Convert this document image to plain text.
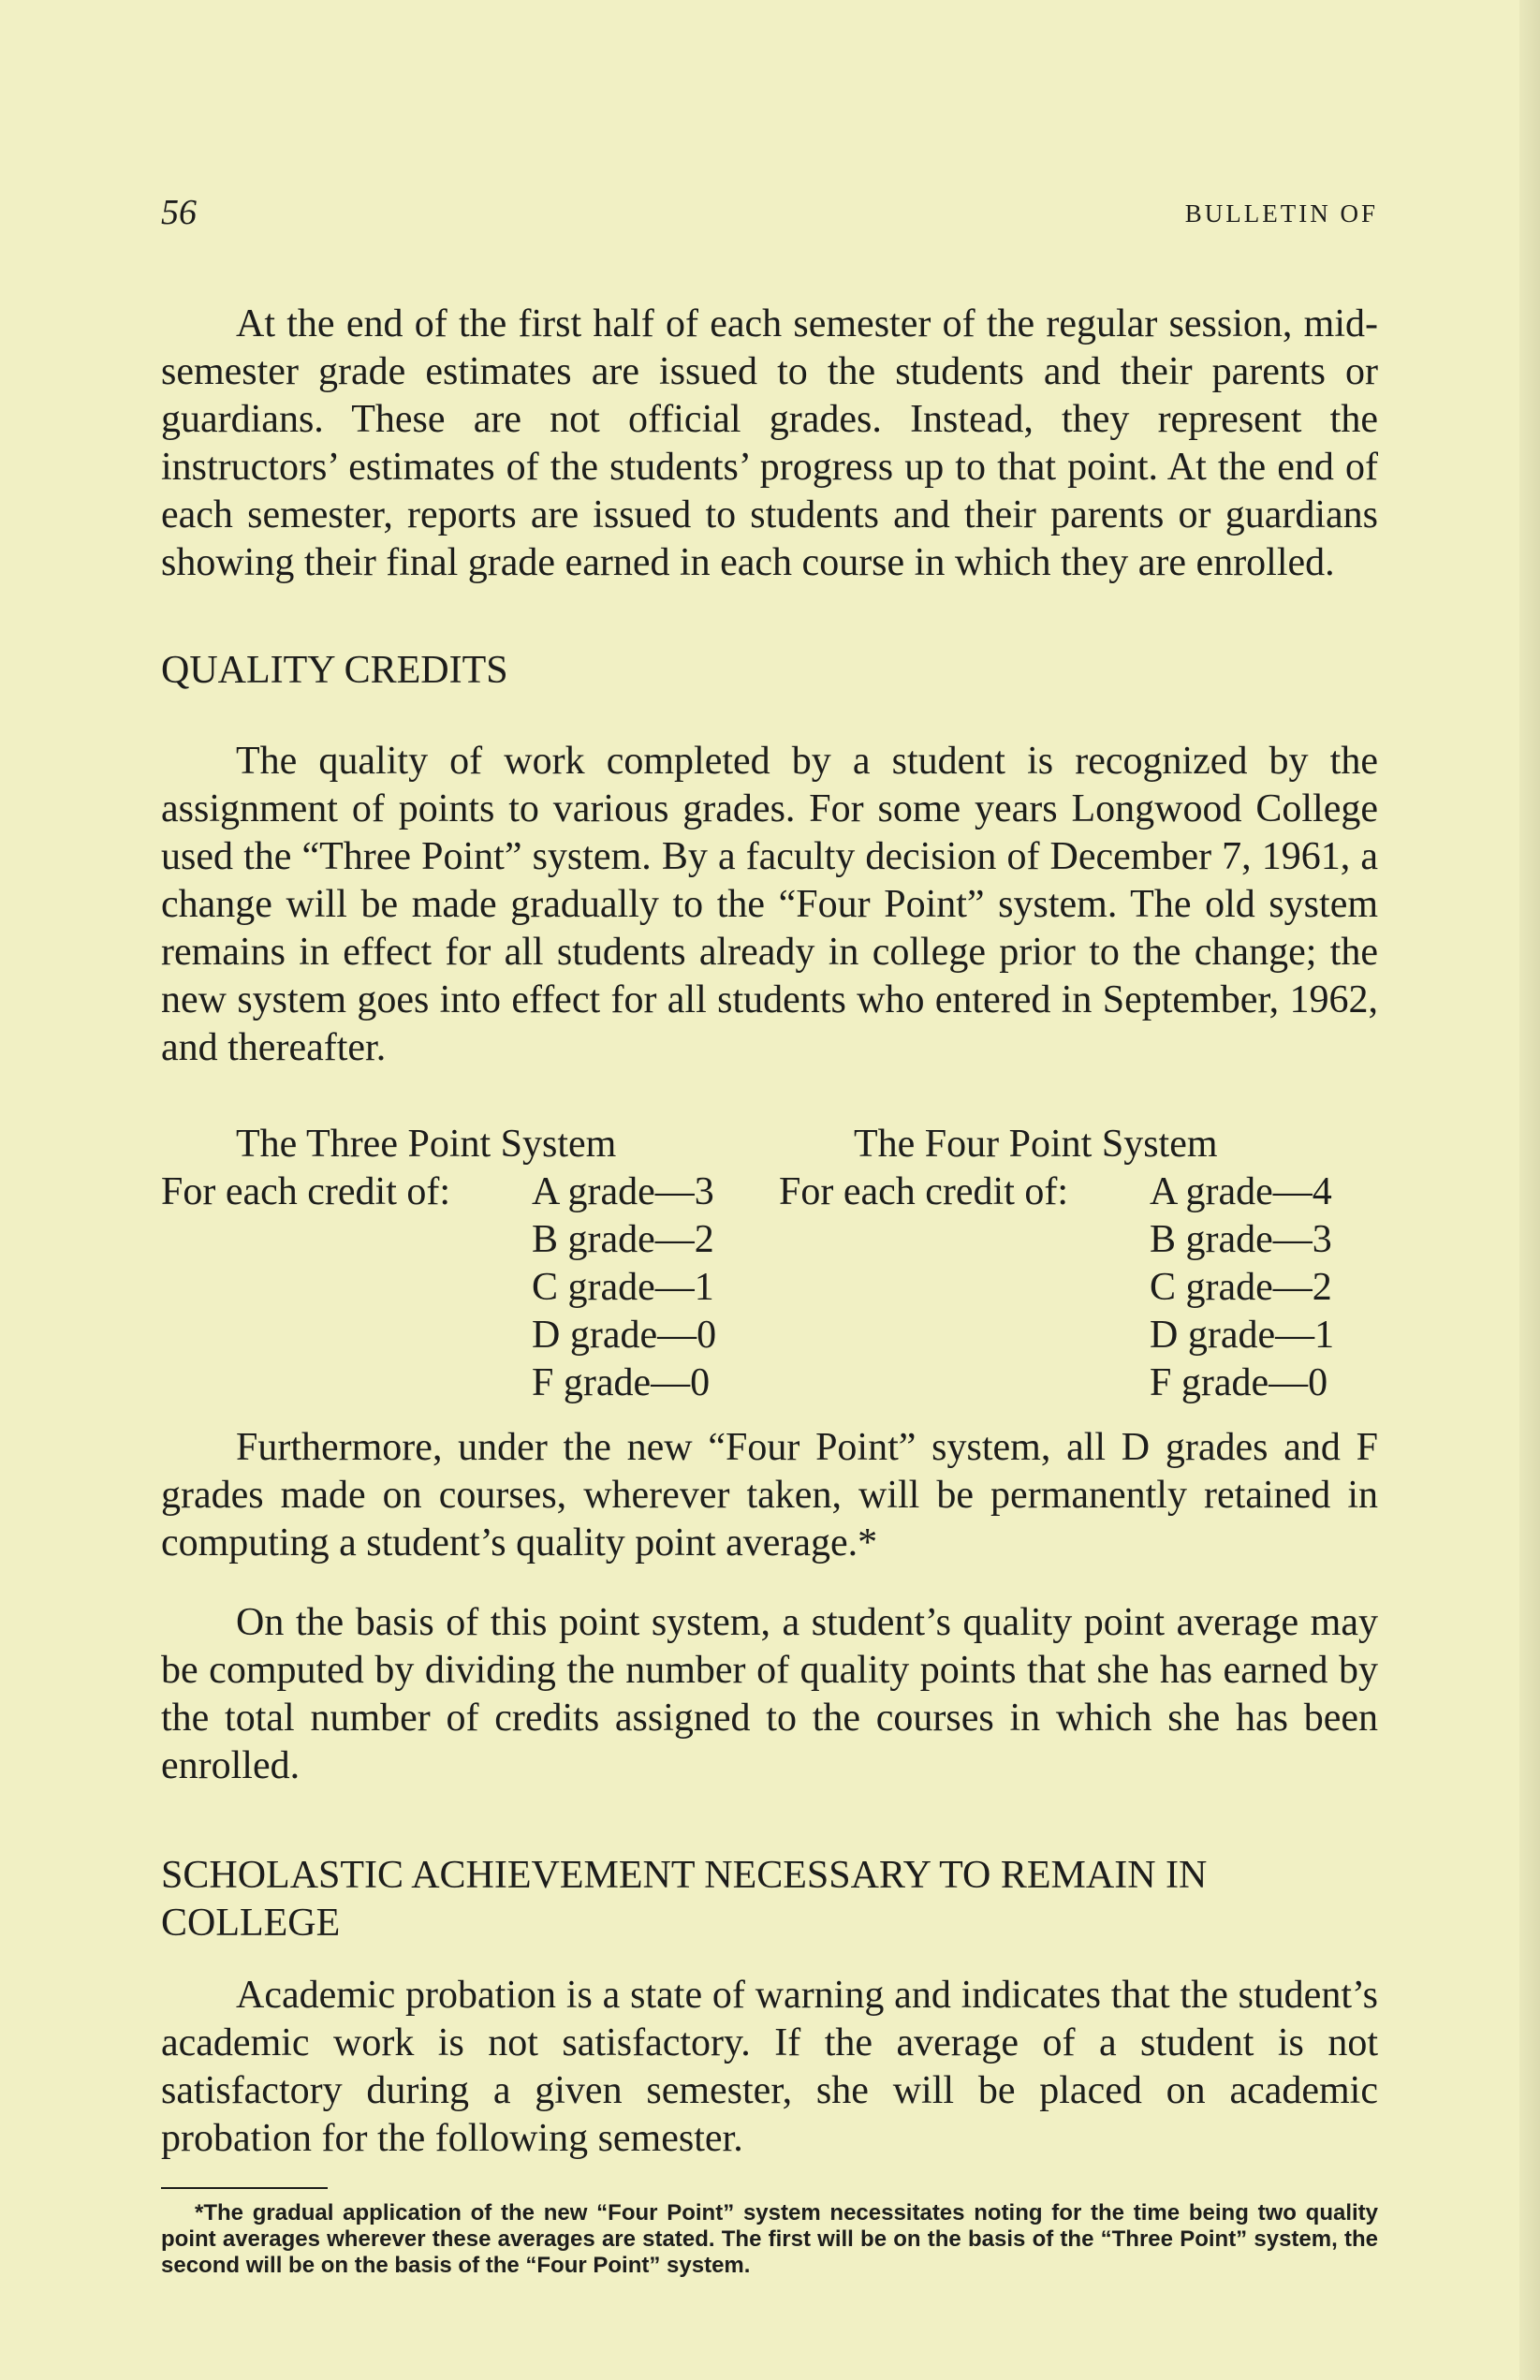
56	BULLETIN OF

At the end of the first half of each semester of the regular session, mid-semester grade estimates are issued to the students and their parents or guardians. These are not official grades. Instead, they represent the instructors’ estimates of the students’ progress up to that point. At the end of each semester, reports are issued to students and their parents or guardians showing their final grade earned in each course in which they are enrolled.

QUALITY CREDITS

The quality of work completed by a student is recognized by the assignment of points to various grades. For some years Longwood College used the “Three Point” system. By a faculty decision of December 7, 1961, a change will be made gradually to the “Four Point” system. The old system remains in effect for all students already in college prior to the change; the new system goes into effect for all students who entered in September, 1962, and thereafter.

The Three Point System
For each credit of:	A grade—3
B grade—2
C grade—1
D grade—0
F grade—0
The Four Point System
For each credit of:	A grade—4
B grade—3
C grade—2
D grade—1
F grade—0

Furthermore, under the new “Four Point” system, all D grades and F grades made on courses, wherever taken, will be permanently retained in computing a student’s quality point average.*

On the basis of this point system, a student’s quality point average may be computed by dividing the number of quality points that she has earned by the total number of credits assigned to the courses in which she has been enrolled.

SCHOLASTIC ACHIEVEMENT NECESSARY TO REMAIN IN COLLEGE

Academic probation is a state of warning and indicates that the student’s academic work is not satisfactory. If the average of a student is not satisfactory during a given semester, she will be placed on academic probation for the following semester.

*The gradual application of the new “Four Point” system necessitates noting for the time being two quality point averages wherever these averages are stated. The first will be on the basis of the “Three Point” system, the second will be on the basis of the “Four Point” system.
